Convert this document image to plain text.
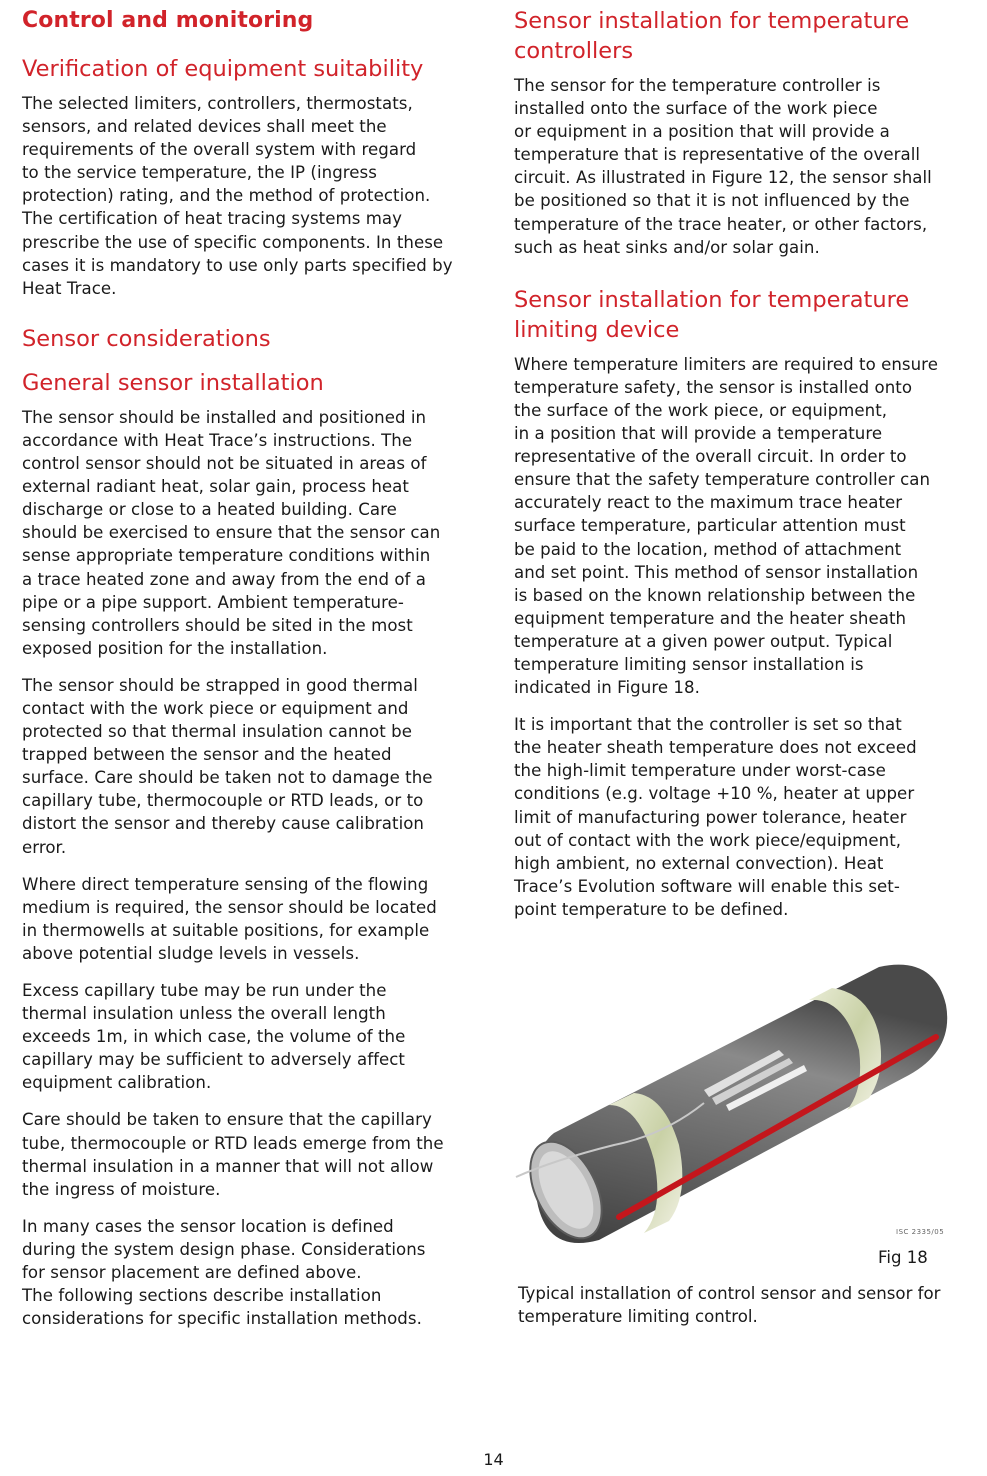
Control and monitoring
Verification of equipment suitability

The selected limiters, controllers, thermostats,
sensors, and related devices shall meet the
requirements of the overall system with regard
to the service temperature, the IP (ingress
protection) rating, and the method of protection.
The certification of heat tracing systems may
prescribe the use of specific components. In these
cases it is mandatory to use only parts specified by
Heat Trace.

Sensor considerations
General sensor installation

The sensor should be installed and positioned in
accordance with Heat Trace’s instructions. The
control sensor should not be situated in areas of
external radiant heat, solar gain, process heat
discharge or close to a heated building. Care
should be exercised to ensure that the sensor can
sense appropriate temperature conditions within
a trace heated zone and away from the end of a
pipe or a pipe support. Ambient temperature-
sensing controllers should be sited in the most
exposed position for the installation.

The sensor should be strapped in good thermal
contact with the work piece or equipment and
protected so that thermal insulation cannot be
trapped between the sensor and the heated
surface. Care should be taken not to damage the
capillary tube, thermocouple or RTD leads, or to
distort the sensor and thereby cause calibration
error.

Where direct temperature sensing of the flowing
medium is required, the sensor should be located
in thermowells at suitable positions, for example
above potential sludge levels in vessels.

Excess capillary tube may be run under the
thermal insulation unless the overall length
exceeds 1m, in which case, the volume of the
capillary may be sufficient to adversely affect
equipment calibration.

Care should be taken to ensure that the capillary
tube, thermocouple or RTD leads emerge from the
thermal insulation in a manner that will not allow
the ingress of moisture.

In many cases the sensor location is defined
during the system design phase. Considerations
for sensor placement are defined above.
The following sections describe installation
considerations for specific installation methods.

Sensor installation for temperature
controllers

The sensor for the temperature controller is
installed onto the surface of the work piece
or equipment in a position that will provide a
temperature that is representative of the overall
circuit. As illustrated in Figure 12, the sensor shall
be positioned so that it is not influenced by the
temperature of the trace heater, or other factors,
such as heat sinks and/or solar gain.

Sensor installation for temperature
limiting device

Where temperature limiters are required to ensure
temperature safety, the sensor is installed onto
the surface of the work piece, or equipment,
in a position that will provide a temperature
representative of the overall circuit. In order to
ensure that the safety temperature controller can
accurately react to the maximum trace heater
surface temperature, particular attention must
be paid to the location, method of attachment
and set point. This method of sensor installation
is based on the known relationship between the
equipment temperature and the heater sheath
temperature at a given power output. Typical
temperature limiting sensor installation is
indicated in Figure 18.

It is important that the controller is set so that
the heater sheath temperature does not exceed
the high-limit temperature under worst-case
conditions (e.g. voltage +10 %, heater at upper
limit of manufacturing power tolerance, heater
out of contact with the work piece/equipment,
high ambient, no external convection). Heat
Trace’s Evolution software will enable this set-
point temperature to be defined.

ISC 2335/05
Fig 18
Typical installation of control sensor and sensor for
temperature limiting control.
14
